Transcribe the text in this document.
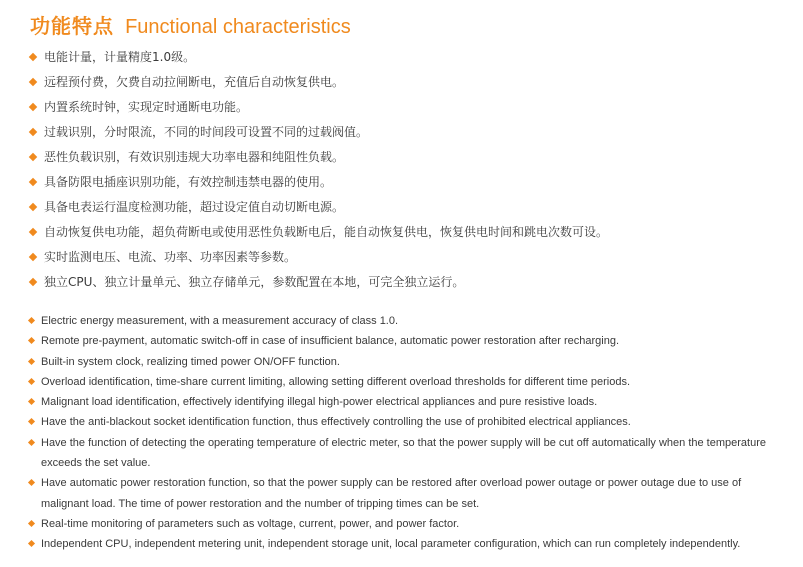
功能特点 Functional characteristics
电能计量，计量精度1.0级。
远程预付费，欠费自动拉闸断电，充值后自动恢复供电。
内置系统时钟，实现定时通断电功能。
过载识别，分时限流，不同的时间段可设置不同的过载阀值。
恶性负载识别，有效识别违规大功率电器和纯阻性负载。
具备防限电插座识别功能，有效控制违禁电器的使用。
具备电表运行温度检测功能，超过设定值自动切断电源。
自动恢复供电功能，超负荷断电或使用恶性负载断电后，能自动恢复供电，恢复供电时间和跳电次数可设。
实时监测电压、电流、功率、功率因素等参数。
独立CPU、独立计量单元、独立存储单元，参数配置在本地，可完全独立运行。
Electric energy measurement, with a measurement accuracy of class 1.0.
Remote pre-payment, automatic switch-off in case of insufficient balance, automatic power restoration after recharging.
Built-in system clock, realizing timed power ON/OFF function.
Overload identification, time-share current limiting, allowing setting different overload thresholds for different time periods.
Malignant load identification, effectively identifying illegal high-power electrical appliances and pure resistive loads.
Have the anti-blackout socket identification function, thus effectively controlling the use of prohibited electrical appliances.
Have the function of detecting the operating temperature of electric meter, so that the power supply will be cut off automatically when the temperature exceeds the set value.
Have automatic power restoration function, so that the power supply can be restored after overload power outage or power outage due to use of malignant load. The time of power restoration and the number of tripping times can be set.
Real-time monitoring of parameters such as voltage, current, power, and power factor.
Independent CPU, independent metering unit, independent storage unit, local parameter configuration, which can run completely independently.
